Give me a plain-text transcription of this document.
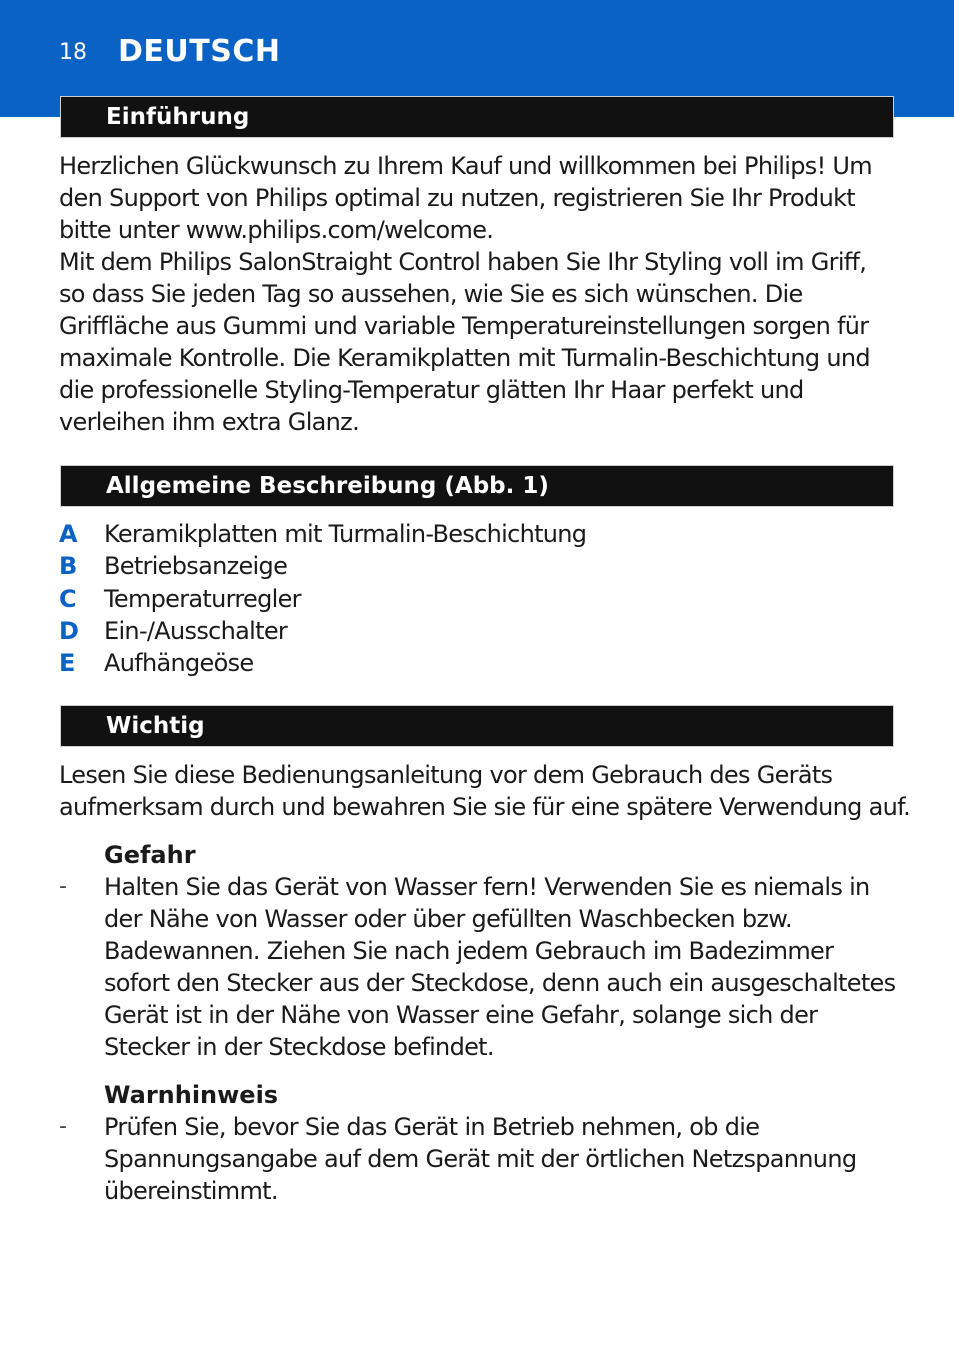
18 DEUTSCH
Einführung

Herzlichen Glückwunsch zu Ihrem Kauf und willkommen bei Philips! Um den Support von Philips optimal zu nutzen, registrieren Sie Ihr Produkt bitte unter www.philips.com/welcome.

Mit dem Philips SalonStraight Control haben Sie Ihr Styling voll im Griff, so dass Sie jeden Tag so aussehen, wie Sie es sich wünschen. Die Griffläche aus Gummi und variable Temperatureinstellungen sorgen für maximale Kontrolle. Die Keramikplatten mit Turmalin-Beschichtung und die professionelle Styling-Temperatur glätten Ihr Haar perfekt und verleihen ihm extra Glanz.

Allgemeine Beschreibung (Abb. 1)
A Keramikplatten mit Turmalin-Beschichtung
B Betriebsanzeige
C Temperaturregler
D Ein-/Ausschalter
E Aufhängeöse
Wichtig

Lesen Sie diese Bedienungsanleitung vor dem Gebrauch des Geräts aufmerksam durch und bewahren Sie sie für eine spätere Verwendung auf.

Gefahr
- Halten Sie das Gerät von Wasser fern! Verwenden Sie es niemals in der Nähe von Wasser oder über gefüllten Waschbecken bzw. Badewannen. Ziehen Sie nach jedem Gebrauch im Badezimmer sofort den Stecker aus der Steckdose, denn auch ein ausgeschaltetes Gerät ist in der Nähe von Wasser eine Gefahr, solange sich der Stecker in der Steckdose befindet.
Warnhinweis
- Prüfen Sie, bevor Sie das Gerät in Betrieb nehmen, ob die Spannungsangabe auf dem Gerät mit der örtlichen Netzspannung übereinstimmt.
